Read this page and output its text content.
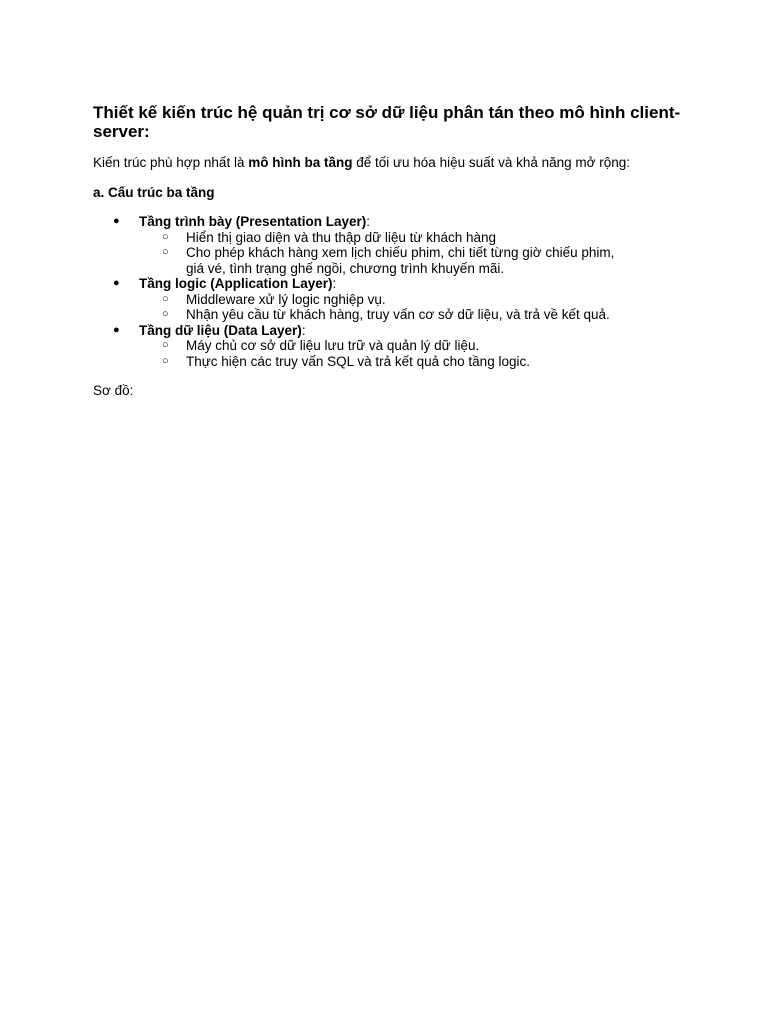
Thiết kế kiến trúc hệ quản trị cơ sở dữ liệu phân tán theo mô hình client-server:

Kiến trúc phù hợp nhất là mô hình ba tầng để tối ưu hóa hiệu suất và khả năng mở rộng:

a. Cấu trúc ba tầng
● Tầng trình bày (Presentation Layer):
○ Hiển thị giao diện và thu thập dữ liệu từ khách hàng
○ Cho phép khách hàng xem lịch chiếu phim, chi tiết từng giờ chiếu phim, giá vé, tình trạng ghế ngồi, chương trình khuyến mãi.
● Tầng logic (Application Layer):
○ Middleware xử lý logic nghiệp vụ.
○ Nhận yêu cầu từ khách hàng, truy vấn cơ sở dữ liệu, và trả về kết quả.
● Tầng dữ liệu (Data Layer):
○ Máy chủ cơ sở dữ liệu lưu trữ và quản lý dữ liệu.
○ Thực hiện các truy vấn SQL và trả kết quả cho tầng logic.

Sơ đồ:
